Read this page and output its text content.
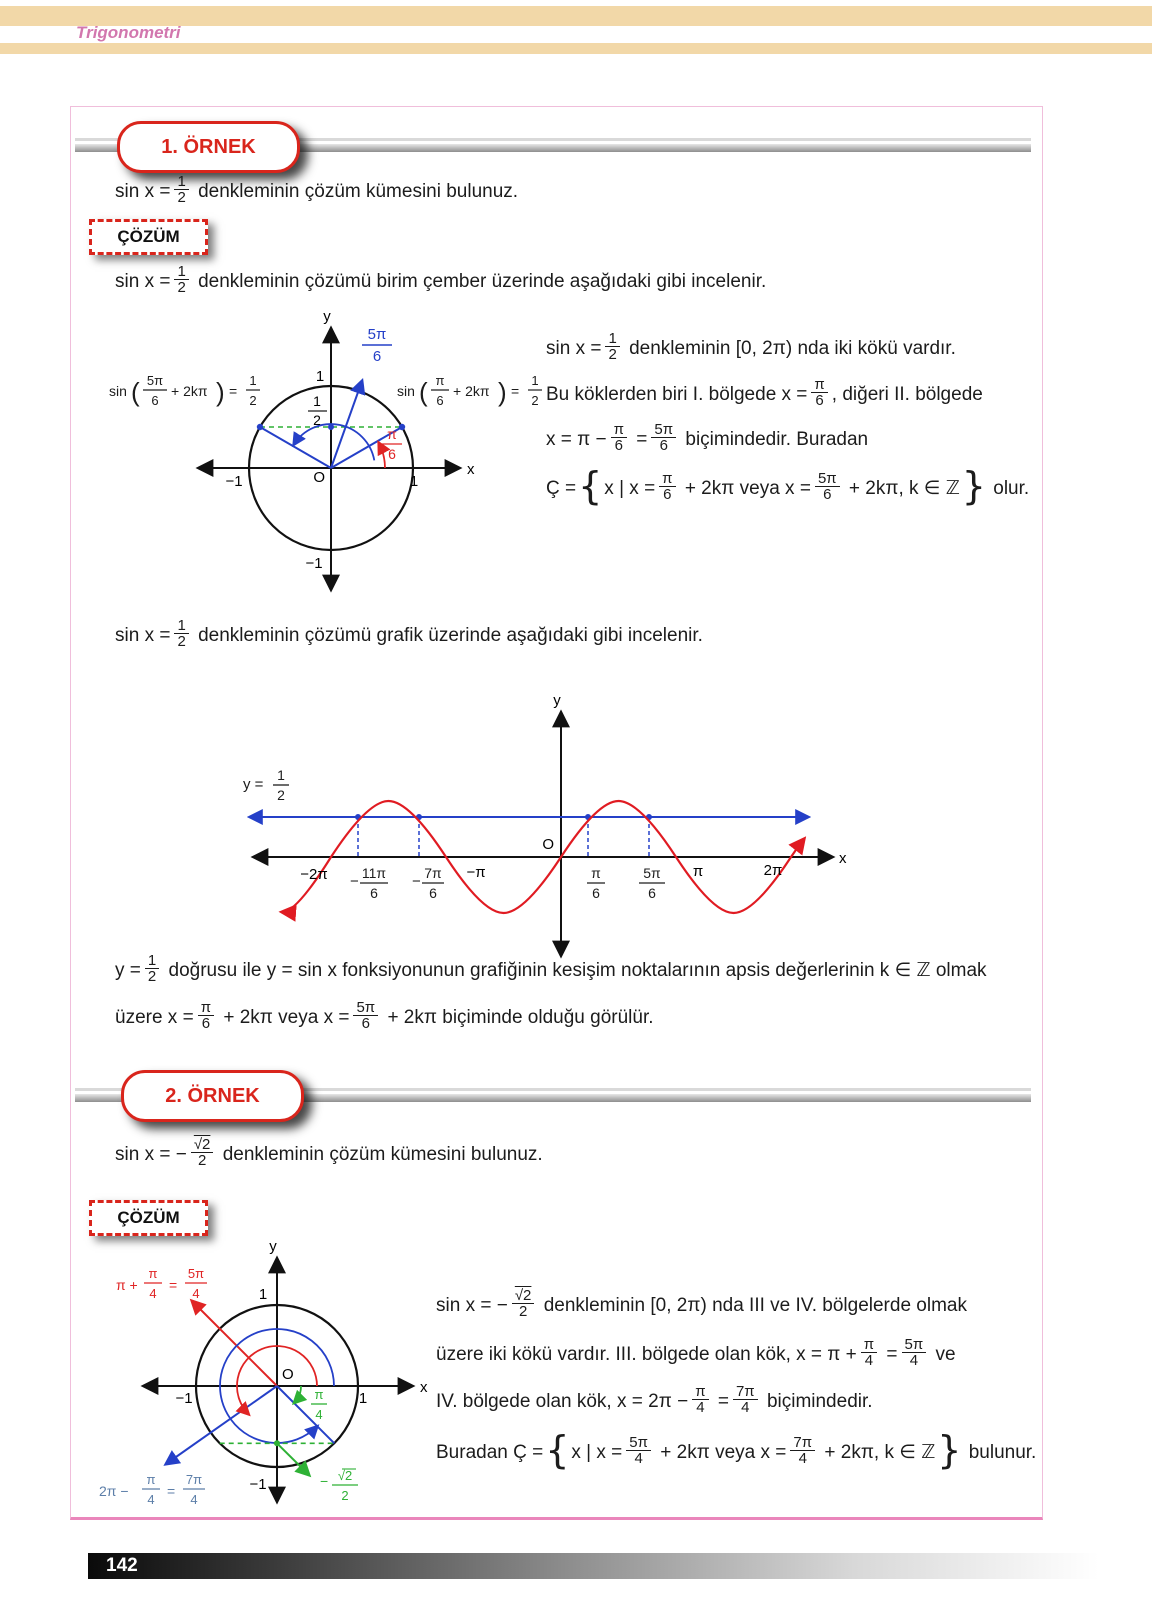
Trigonometri
1. ÖRNEK
$\sin x = \frac{1}{2}$ denkleminin çözüm kümesini bulunuz.
ÇÖZÜM
$\sin x = \frac{1}{2}$ denkleminin çözümü birim çember üzerinde aşağıdaki gibi incelenir.
y
x
O
1
1
−1
−1
1
2
5π
6
π
6
sin ( 5π
6
+ 2kπ ) =
1
2
sin ( π
6
+ 2kπ ) =
1
2
$\sin x = \frac{1}{2}$ denkleminin [0, 2π) nda iki kökü vardır.
Bu köklerden biri I. bölgede $x = \frac{\pi}{6}$ , diğeri II. bölgede
$x = \pi - \frac{\pi}{6} = \frac{5\pi}{6}$ biçimindedir. Buradan
Ç ={ x | $x = \frac{\pi}{6} + 2k\pi$ veya $x = \frac{5\pi}{6} + 2k\pi$, k ∈ ℤ} olur.
$\sin x = \frac{1}{2}$ denkleminin çözümü grafik üzerinde aşağıdaki gibi incelenir.
y
x
O
−2π − 11π
6
− 7π
6
−π	π
6
5π
6
π	2π
y =
1
2
$y = \frac{1}{2}$ doğrusu ile y = sin x fonksiyonunun grafiğinin kesişim noktalarının apsis değerlerinin k ∈ ℤ olmak
üzere $x = \frac{\pi}{6} + 2k\pi$ veya $x = \frac{5\pi}{6} + 2k\pi$ biçiminde olduğu görülür.
2. ÖRNEK
sin x = − $\frac{√2}{2}$ denkleminin çözüm kümesini bulunuz.
ÇÖZÜM
y
x
O
1
−1	1
−1
π +
π
4
=
5π
4
2π −
π
4
=
7π
4
π
4
− √2
2
sin x = − $\frac{√2}{2}$ denkleminin [0, 2π) nda III ve IV. bölgelerde olmak
üzere iki kökü vardır. III. bölgede olan kök, $x = \pi + \frac{\pi}{4} = \frac{5\pi}{4}$ ve
IV. bölgede olan kök, $x = 2\pi - \frac{\pi}{4} = \frac{7\pi}{4}$ biçimindedir.
Buradan Ç ={ x | $x = \frac{5\pi}{4} + 2k\pi$ veya $x = \frac{7\pi}{4} + 2k\pi$, k ∈ ℤ} bulunur.
142
